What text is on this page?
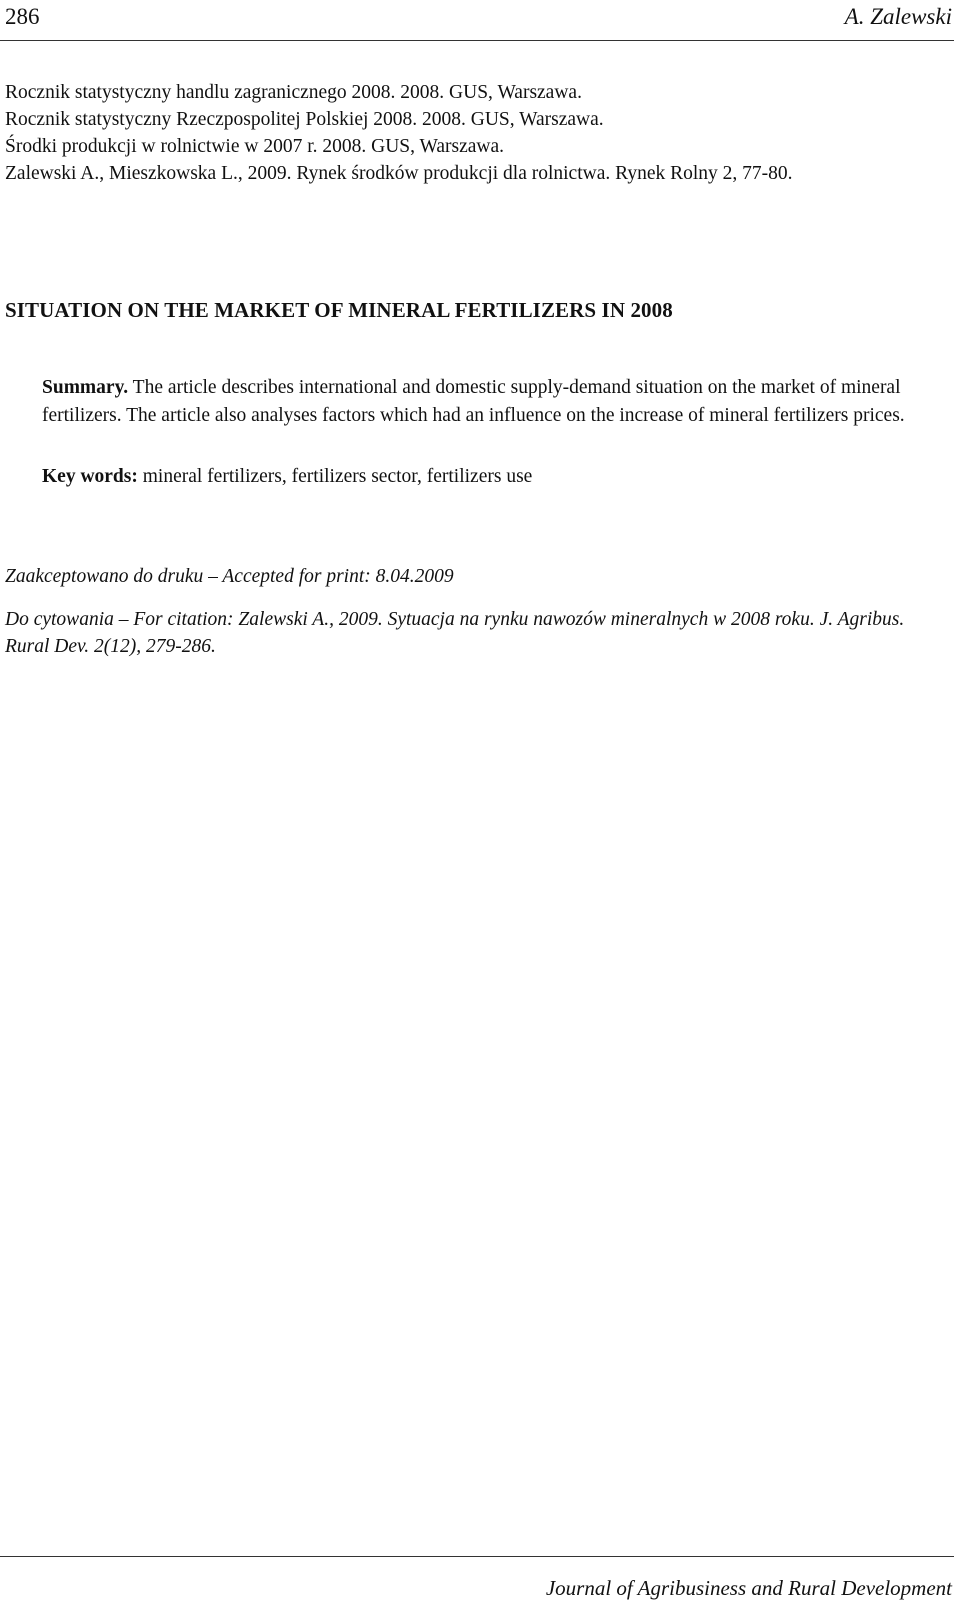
286	A. Zalewski
Rocznik statystyczny handlu zagranicznego 2008. 2008. GUS, Warszawa.
Rocznik statystyczny Rzeczpospolitej Polskiej 2008. 2008. GUS, Warszawa.
Środki produkcji w rolnictwie w 2007 r. 2008. GUS, Warszawa.
Zalewski A., Mieszkowska L., 2009. Rynek środków produkcji dla rolnictwa. Rynek Rolny 2, 77-80.
SITUATION ON THE MARKET OF MINERAL FERTILIZERS IN 2008
Summary. The article describes international and domestic supply-demand situation on the market of mineral fertilizers. The article also analyses factors which had an influence on the increase of mineral fertilizers prices.
Key words: mineral fertilizers, fertilizers sector, fertilizers use
Zaakceptowano do druku – Accepted for print: 8.04.2009
Do cytowania – For citation: Zalewski A., 2009. Sytuacja na rynku nawozów mineralnych w 2008 roku. J. Agribus. Rural Dev. 2(12), 279-286.
Journal of Agribusiness and Rural Development
